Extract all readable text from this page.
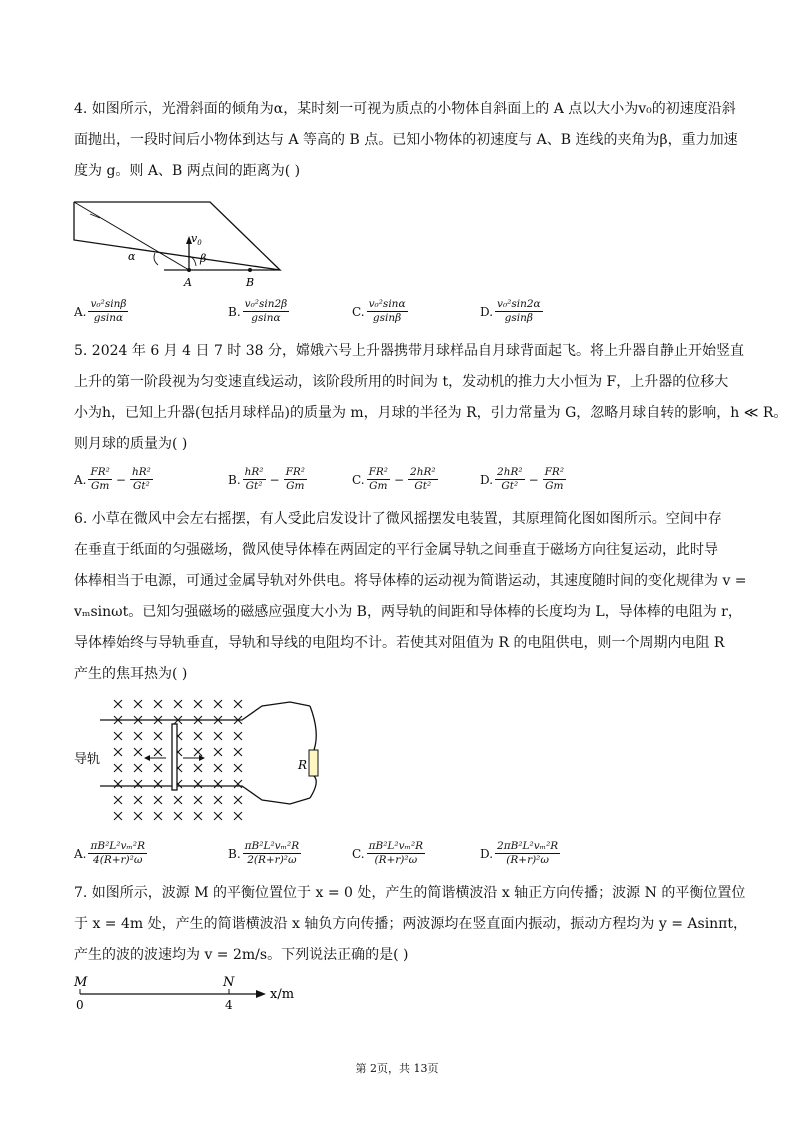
4. 如图所示，光滑斜面的倾角为α，某时刻一可视为质点的小物体自斜面上的 A 点以大小为v₀的初速度沿斜
面抛出，一段时间后小物体到达与 A 等高的 B 点。已知小物体的初速度与 A、B 连线的夹角为β，重力加速
度为 g。则 A、B 两点间的距离为( )
α
$v_0$
β
A	B
A. $\frac{\text{v₀²sinβ}}{gsin\alpha}$	B. $\frac{\text{v₀²sin2β}}{gsin\alpha}$	C. $\frac{\text{v₀²sinα}}{gsin\beta}$	D. $\frac{\text{v₀²sin2α}}{gsin\beta}$
5. 2024 年 6 月 4 日 7 时 38 分，嫦娥六号上升器携带月球样品自月球背面起飞。将上升器自静止开始竖直
上升的第一阶段视为匀变速直线运动，该阶段所用的时间为 t，发动机的推力大小恒为 F，上升器的位移大
小为h，已知上升器(包括月球样品)的质量为 m，月球的半径为 R，引力常量为 G，忽略月球自转的影响，h ≪ R。
则月球的质量为( )
A. $\frac{\text{FR²}}{Gm} - \frac{\text{hR²}}{\text{Gt²}}$	B. $\frac{\text{hR²}}{\text{Gt²}} - \frac{\text{FR²}}{Gm}$	C. $\frac{\text{FR²}}{Gm} - \frac{\text{2hR²}}{\text{Gt²}}$	D. $\frac{\text{2hR²}}{\text{Gt²}} - \frac{\text{FR²}}{Gm}$
6. 小草在微风中会左右摇摆，有人受此启发设计了微风摇摆发电装置，其原理简化图如图所示。空间中存
在垂直于纸面的匀强磁场，微风使导体棒在两固定的平行金属导轨之间垂直于磁场方向往复运动，此时导
体棒相当于电源，可通过金属导轨对外供电。将导体棒的运动视为简谐运动，其速度随时间的变化规律为 v =
vₘsinωt。已知匀强磁场的磁感应强度大小为 B，两导轨的间距和导体棒的长度均为 L，导体棒的电阻为 r，
导体棒始终与导轨垂直，导轨和导线的电阻均不计。若使其对阻值为 R 的电阻供电，则一个周期内电阻 R
产生的焦耳热为( )
R
导轨
A. $\frac{\text{πB²L²vₘ²R}}{\text{4(R+r)²ω}}$	B. $\frac{\text{πB²L²vₘ²R}}{\text{2(R+r)²ω}}$	C. $\frac{\text{πB²L²vₘ²R}}{\text{(R+r)²ω}}$	D. $\frac{\text{2πB²L²vₘ²R}}{\text{(R+r)²ω}}$
7. 如图所示，波源 M 的平衡位置位于 x = 0 处，产生的简谐横波沿 x 轴正方向传播；波源 N 的平衡位置位
于 x = 4m 处，产生的简谐横波沿 x 轴负方向传播；两波源均在竖直面内振动，振动方程均为 y = Asinπt，
产生的波的波速均为 v = 2m/s。下列说法正确的是( )
M	N
0	4
x/m
第 2页，共 13页
